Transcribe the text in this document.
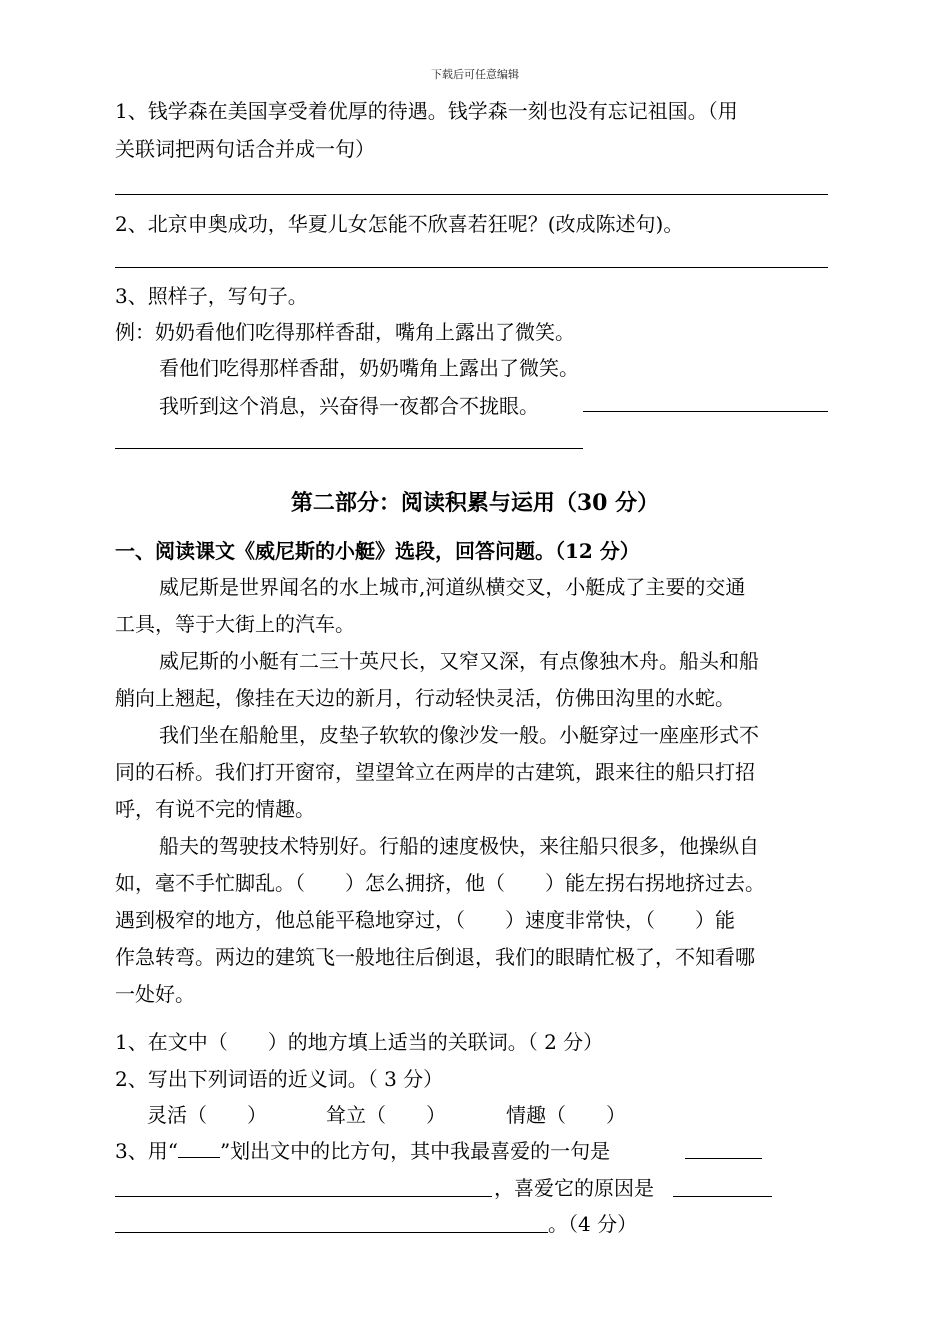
下载后可任意编辑
1、钱学森在美国享受着优厚的待遇。钱学森一刻也没有忘记祖国。（用
关联词把两句话合并成一句）
2、北京申奥成功，华夏儿女怎能不欣喜若狂呢？(改成陈述句)。
3、照样子，写句子。
例：奶奶看他们吃得那样香甜，嘴角上露出了微笑。
看他们吃得那样香甜，奶奶嘴角上露出了微笑。
我听到这个消息，兴奋得一夜都合不拢眼。
第二部分：阅读积累与运用（30 分）
一、阅读课文《威尼斯的小艇》选段，回答问题。（12 分）
威尼斯是世界闻名的水上城市,河道纵横交叉，小艇成了主要的交通
工具，等于大街上的汽车。
威尼斯的小艇有二三十英尺长，又窄又深，有点像独木舟。船头和船
艄向上翘起，像挂在天边的新月，行动轻快灵活，仿佛田沟里的水蛇。
我们坐在船舱里，皮垫子软软的像沙发一般。小艇穿过一座座形式不
同的石桥。我们打开窗帘，望望耸立在两岸的古建筑，跟来往的船只打招
呼，有说不完的情趣。
船夫的驾驶技术特别好。行船的速度极快，来往船只很多，他操纵自
如，毫不手忙脚乱。（　　）怎么拥挤，他（　　）能左拐右拐地挤过去。
遇到极窄的地方，他总能平稳地穿过，（　　）速度非常快，（　　）能
作急转弯。两边的建筑飞一般地往后倒退，我们的眼睛忙极了，不知看哪
一处好。
1、在文中（　　）的地方填上适当的关联词。（ 2 分）
2、写出下列词语的近义词。（ 3 分）
灵活（　　）	耸立（　　）	情趣（　　）
3、用“ ”划出文中的比方句，其中我最喜爱的一句是
，喜爱它的原因是
。（4 分）
